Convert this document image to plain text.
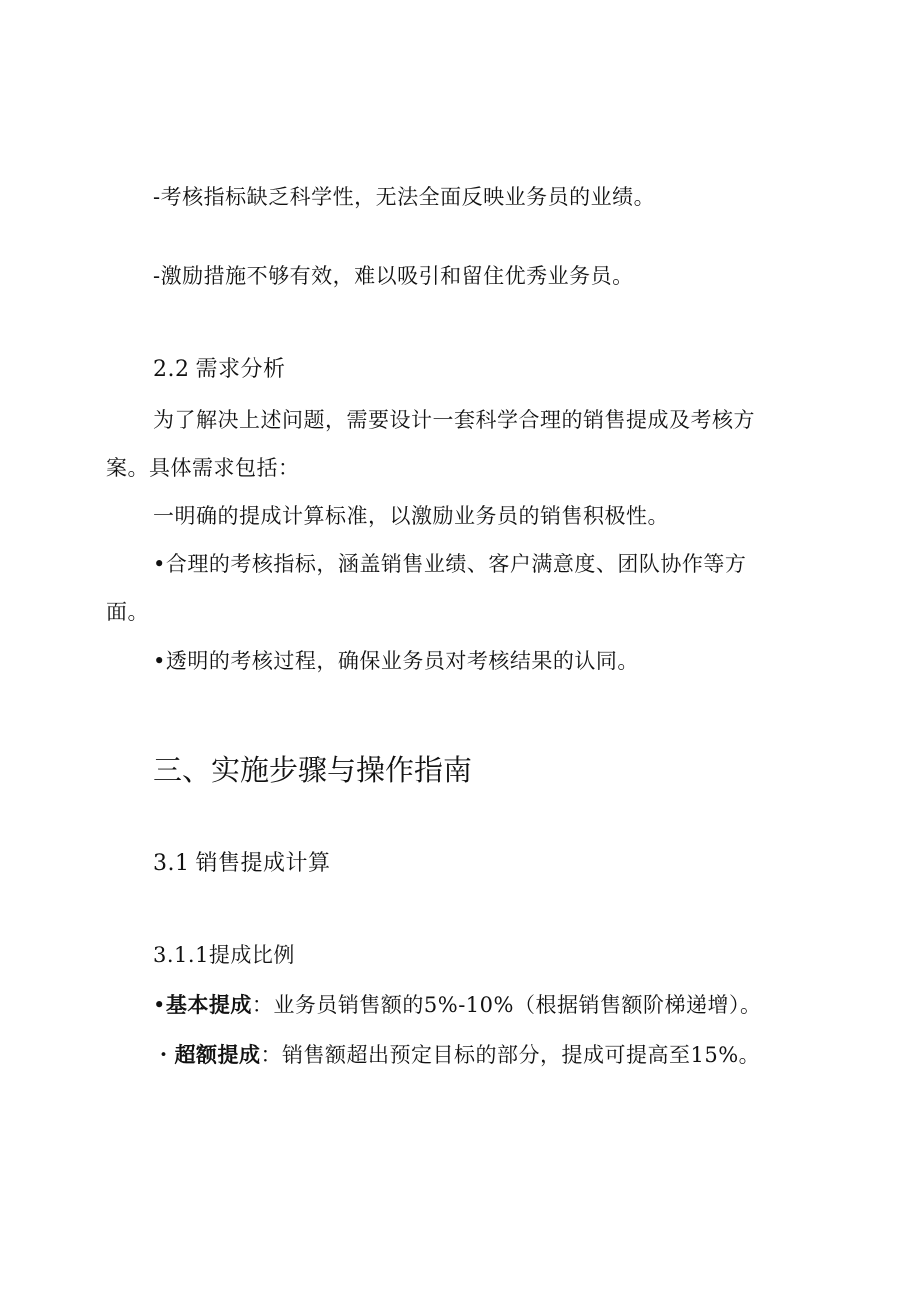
-考核指标缺乏科学性，无法全面反映业务员的业绩。
-激励措施不够有效，难以吸引和留住优秀业务员。
2.2 需求分析
为了解决上述问题，需要设计一套科学合理的销售提成及考核方
案。具体需求包括：
一明确的提成计算标准，以激励业务员的销售积极性。
•合理的考核指标，涵盖销售业绩、客户满意度、团队协作等方
面。
•透明的考核过程，确保业务员对考核结果的认同。
三、实施步骤与操作指南
3.1 销售提成计算
3.1.1提成比例
•基本提成：业务员销售额的5%-10%（根据销售额阶梯递增）。
・超额提成：销售额超出预定目标的部分，提成可提高至15%。
